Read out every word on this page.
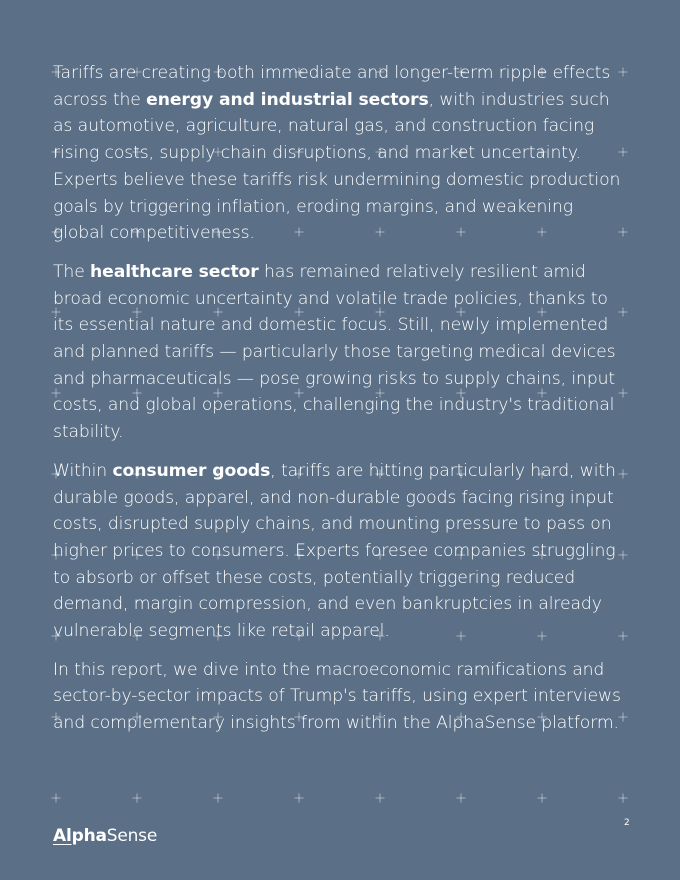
Tariffs are creating both immediate and longer-term ripple effects across the energy and industrial sectors, with industries such as automotive, agriculture, natural gas, and construction facing rising costs, supply chain disruptions, and market uncertainty. Experts believe these tariffs risk undermining domestic production goals by triggering inflation, eroding margins, and weakening global competitiveness.

The healthcare sector has remained relatively resilient amid broad economic uncertainty and volatile trade policies, thanks to its essential nature and domestic focus. Still, newly implemented and planned tariffs — particularly those targeting medical devices and pharmaceuticals — pose growing risks to supply chains, input costs, and global operations, challenging the industry's traditional stability.

Within consumer goods, tariffs are hitting particularly hard, with durable goods, apparel, and non-durable goods facing rising input costs, disrupted supply chains, and mounting pressure to pass on higher prices to consumers. Experts foresee companies struggling to absorb or offset these costs, potentially triggering reduced demand, margin compression, and even bankruptcies in already vulnerable segments like retail apparel.

In this report, we dive into the macroeconomic ramifications and sector-by-sector impacts of Trump's tariffs, using expert interviews and complementary insights from within the AlphaSense platform.

AlphaSense
2
